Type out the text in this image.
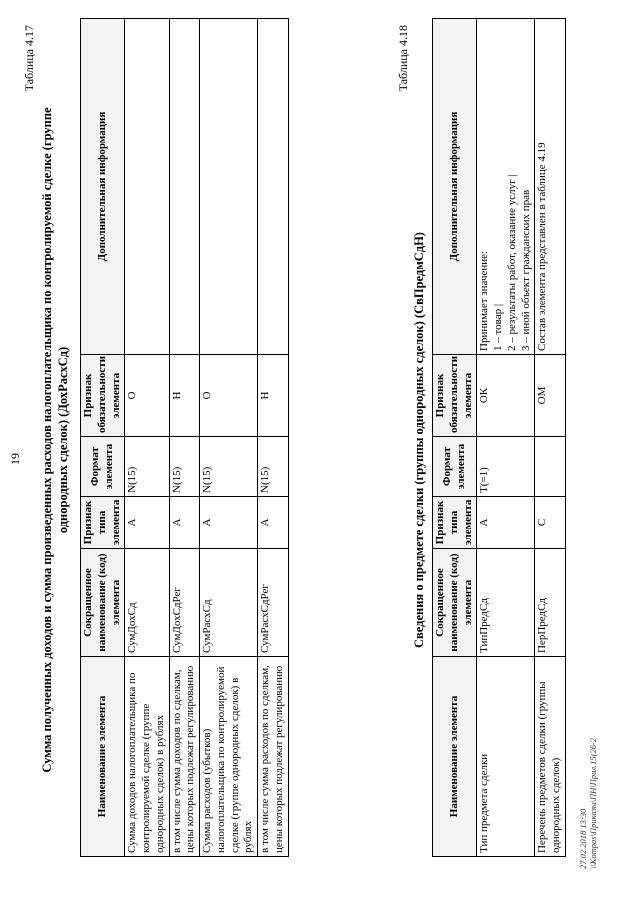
19
Таблица 4.17
Сумма полученных доходов и сумма произведенных расходов налогоплательщика по контролируемой сделке (группе однородных сделок) (ДохРасхСд)
Наименование элемента	Сокращенное наименование (код) элемента	Признак типа элемента	Формат элемента	Признак обязательности элемента	Дополнительная информация
Сумма доходов налогоплательщика по контролируемой сделке (группе однородных сделок) в рублях	СумДохСд	А	N(15)	О	
в том числе сумма доходов по сделкам, цены которых подлежат регулированию	СумДохСдРег	А	N(15)	Н	
Сумма расходов (убытков) налогоплательщика по контролируемой сделке (группе однородных сделок) в рублях	СумРасхСд	А	N(15)	О	
в том числе сумма расходов по сделкам, цены которых подлежат регулированию	СумРасхСдРег	А	N(15)	Н	
Таблица 4.18
Сведения о предмете сделки (группы однородных сделок) (СвПредмСдН)
Наименование элемента	Сокращенное наименование (код) элемента	Признак типа элемента	Формат элемента	Признак обязательности элемента	Дополнительная информация
Тип предмета сделки	ТипПредСд	А	T(=1)	ОК	Принимает значение: 1 – товар | 2 – результаты работ, оказание услуг | 3 – иной объект гражданских прав

Перечень предметов сделки (группы однородных сделок)	ПерПредСд	С		ОМ	Состав элемента представлен в таблице 4.19
27.02.2018 13:30 \\Kompas\Приказы\ПН\Прил.15(26-2
